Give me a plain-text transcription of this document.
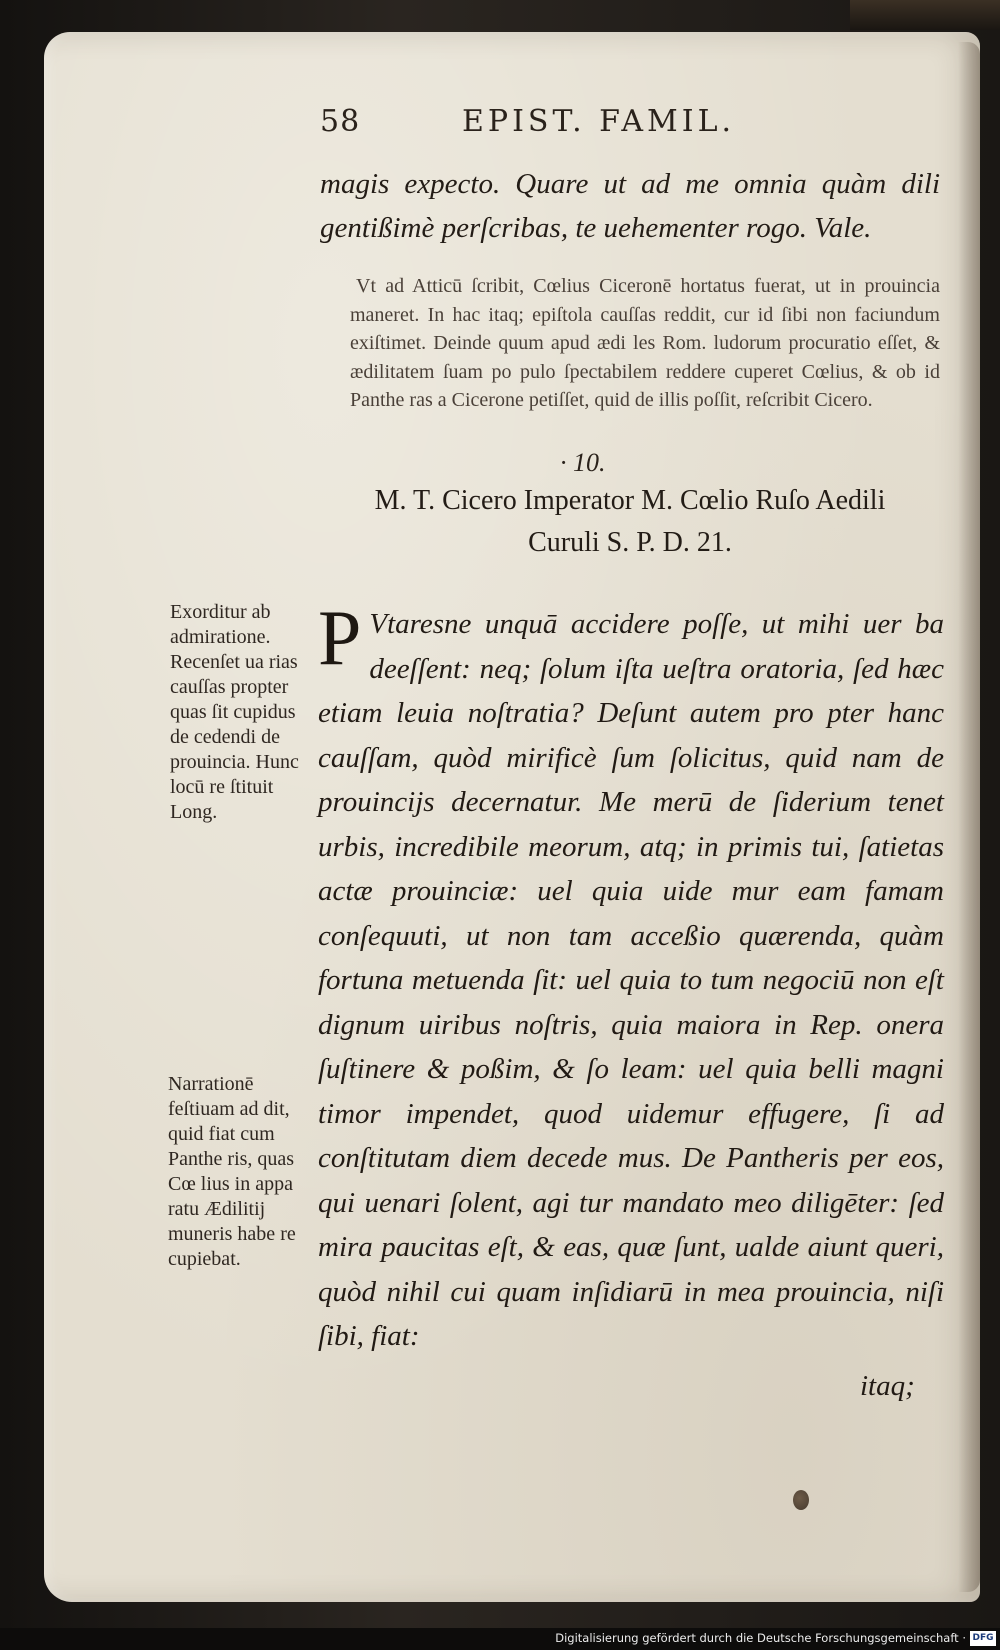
58	EPIST. FAMIL.

magis expecto. Quare ut ad me omnia quàm dili gentißimè perſcribas, te uehementer rogo. Vale.

Vt ad Atticū ſcribit, Cœlius Ciceronē hortatus fuerat, ut in prouincia maneret. In hac itaq; epiſtola cauſſas reddit, cur id ſibi non faciundum exiſtimet. Deinde quum apud ædi les Rom. ludorum procuratio eſſet, & ædilitatem ſuam po pulo ſpectabilem reddere cuperet Cœlius, & ob id Panthe ras a Cicerone petiſſet, quid de illis poſſit, reſcribit Cicero.

· 10.
M. T. Cicero Imperator M. Cœlio Ruſo Aedili
Curuli S. P. D. 21.

Exorditur ab admiratione. Recenſet ua rias cauſſas propter quas ſit cupidus de cedendi de prouincia. Hunc locū re ſtituit Long.

Narrationē feſtiuam ad dit, quid fiat cum Panthe ris, quas Cœ lius in appa ratu Ædilitij muneris habe re cupiebat.

P Vtaresne unquā accidere poſſe, ut mihi uer ba deeſſent: neq; ſolum iſta ueſtra oratoria, ſed hæc etiam leuia noſtratia? Deſunt autem pro pter hanc cauſſam, quòd mirificè ſum ſolicitus, quid nam de prouincijs decernatur. Me merū de ſiderium tenet urbis, incredibile meorum, atq; in primis tui, ſatietas actæ prouinciæ: uel quia uide mur eam famam conſequuti, ut non tam acceßio quærenda, quàm fortuna metuenda ſit: uel quia to tum negociū non eſt dignum uiribus noſtris, quia maiora in Rep. onera ſuſtinere & poßim, & ſo leam: uel quia belli magni timor impendet, quod uidemur effugere, ſi ad conſtitutam diem decede mus. De Pantheris per eos, qui uenari ſolent, agi tur mandato meo diligēter: ſed mira paucitas eſt, & eas, quæ ſunt, ualde aiunt queri, quòd nihil cui quam inſidiarū in mea prouincia, niſi ſibi, fiat:

itaq;
Digitalisierung gefördert durch die Deutsche Forschungsgemeinschaft · DFG
